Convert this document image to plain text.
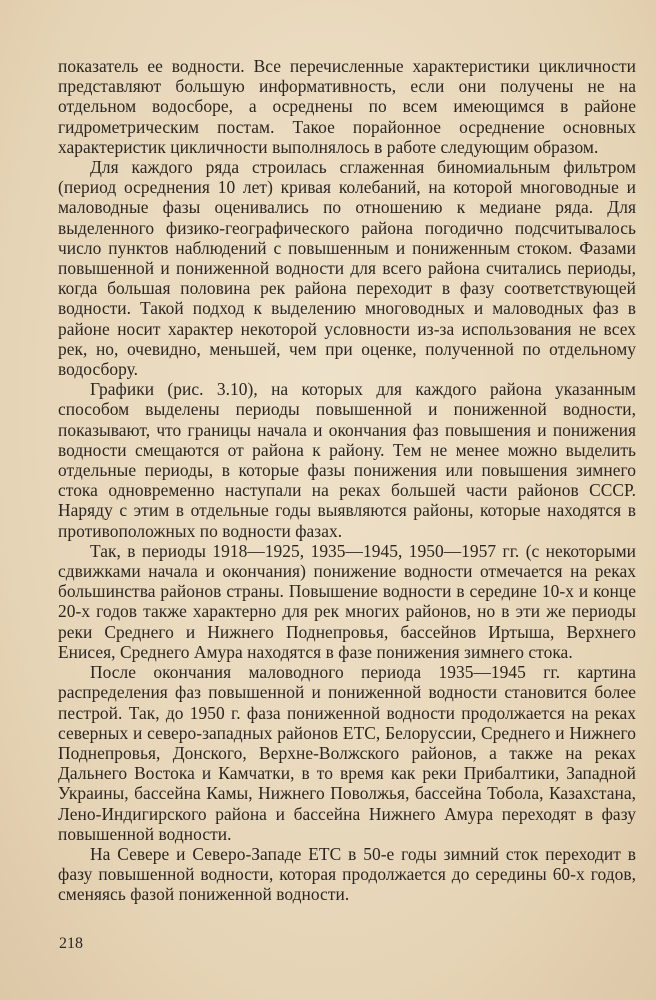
показатель ее водности. Все перечисленные характеристики цикличности представляют большую информативность, если они получены не на отдельном водосборе, а осреднены по всем имеющимся в районе гидрометрическим постам. Такое порайонное осреднение основных характеристик цикличности выполнялось в работе следующим образом.

Для каждого ряда строилась сглаженная биномиальным фильтром (период осреднения 10 лет) кривая колебаний, на которой многоводные и маловодные фазы оценивались по отношению к медиане ряда. Для выделенного физико-географического района погодично подсчитывалось число пунктов наблюдений с повышенным и пониженным стоком. Фазами повышенной и пониженной водности для всего района считались периоды, когда большая половина рек района переходит в фазу соответствующей водности. Такой подход к выделению многоводных и маловодных фаз в районе носит характер некоторой условности из-за использования не всех рек, но, очевидно, меньшей, чем при оценке, полученной по отдельному водосбору.

Графики (рис. 3.10), на которых для каждого района указанным способом выделены периоды повышенной и пониженной водности, показывают, что границы начала и окончания фаз повышения и понижения водности смещаются от района к району. Тем не менее можно выделить отдельные периоды, в которые фазы понижения или повышения зимнего стока одновременно наступали на реках большей части районов СССР. Наряду с этим в отдельные годы выявляются районы, которые находятся в противоположных по водности фазах.

Так, в периоды 1918—1925, 1935—1945, 1950—1957 гг. (с некоторыми сдвижками начала и окончания) понижение водности отмечается на реках большинства районов страны. Повышение водности в середине 10-х и конце 20-х годов также характерно для рек многих районов, но в эти же периоды реки Среднего и Нижнего Поднепровья, бассейнов Иртыша, Верхнего Енисея, Среднего Амура находятся в фазе понижения зимнего стока.

После окончания маловодного периода 1935—1945 гг. картина распределения фаз повышенной и пониженной водности становится более пестрой. Так, до 1950 г. фаза пониженной водности продолжается на реках северных и северо-западных районов ЕТС, Белоруссии, Среднего и Нижнего Поднепровья, Донского, Верхне-Волжского районов, а также на реках Дальнего Востока и Камчатки, в то время как реки Прибалтики, Западной Украины, бассейна Камы, Нижнего Поволжья, бассейна Тобола, Казахстана, Лено-Индигирского района и бассейна Нижнего Амура переходят в фазу повышенной водности.

На Севере и Северо-Западе ЕТС в 50-е годы зимний сток переходит в фазу повышенной водности, которая продолжается до середины 60-х годов, сменяясь фазой пониженной водности.

218
